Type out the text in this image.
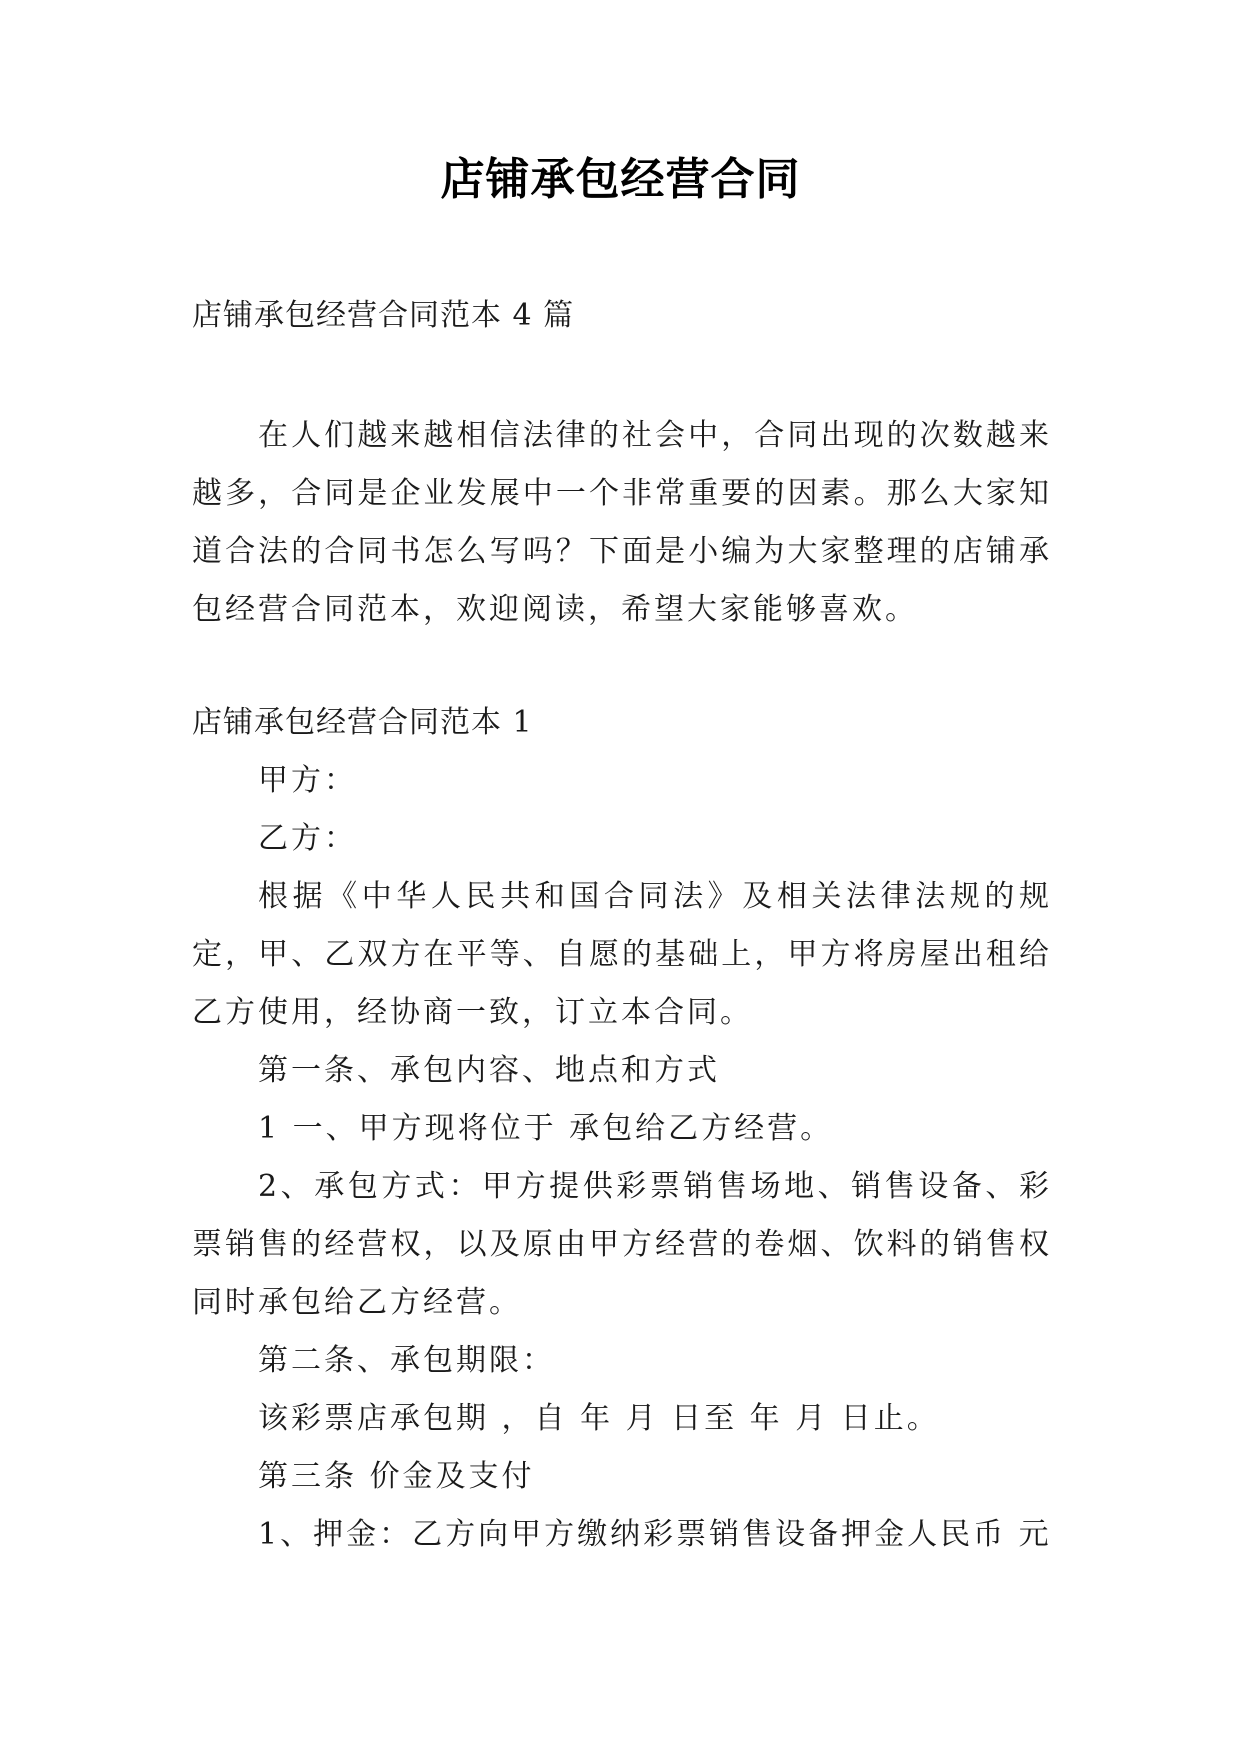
店铺承包经营合同
店铺承包经营合同范本 4 篇

在人们越来越相信法律的社会中，合同出现的次数越来越多，合同是企业发展中一个非常重要的因素。那么大家知道合法的合同书怎么写吗？下面是小编为大家整理的店铺承包经营合同范本，欢迎阅读，希望大家能够喜欢。

店铺承包经营合同范本 1

甲方：

乙方：

根据《中华人民共和国合同法》及相关法律法规的规定，甲、乙双方在平等、自愿的基础上，甲方将房屋出租给乙方使用，经协商一致，订立本合同。

第一条、承包内容、地点和方式

1 一、甲方现将位于 承包给乙方经营。

2、承包方式：甲方提供彩票销售场地、销售设备、彩票销售的经营权，以及原由甲方经营的卷烟、饮料的销售权同时承包给乙方经营。

第二条、承包期限：

该彩票店承包期 ，自 年 月 日至 年 月 日止。

第三条 价金及支付

1、押金：乙方向甲方缴纳彩票销售设备押金人民币 元
